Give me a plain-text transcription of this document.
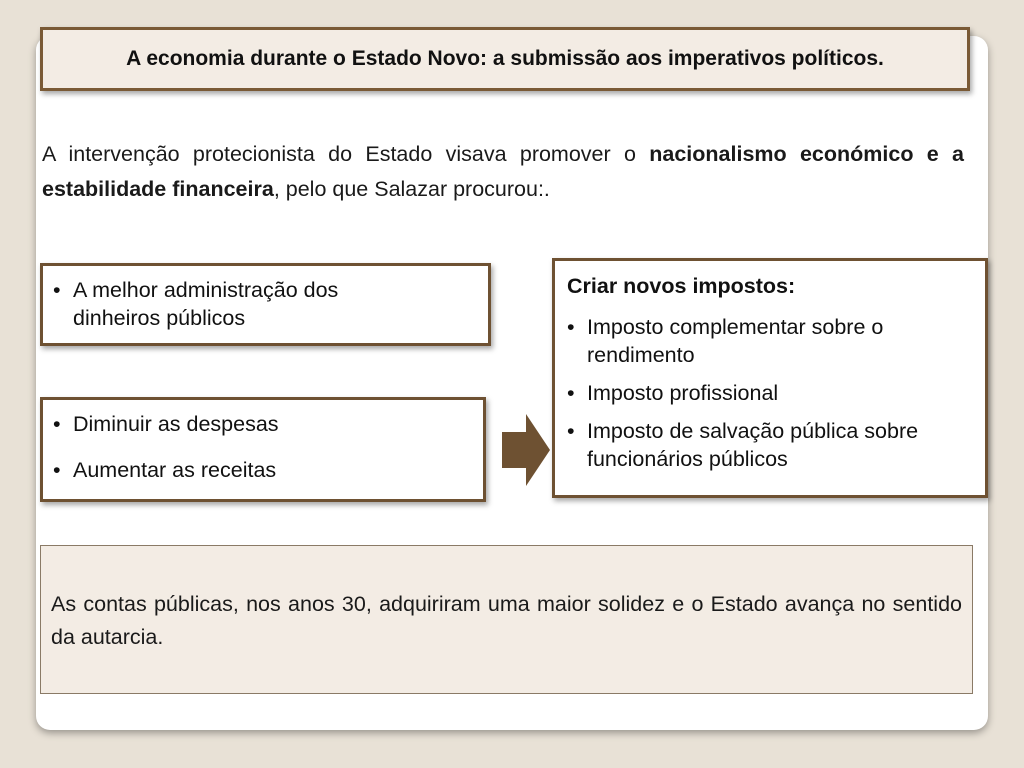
A economia durante o Estado Novo: a submissão aos imperativos políticos.
A intervenção protecionista do Estado visava promover o nacionalismo económico e a estabilidade financeira, pelo que Salazar procurou:.
• A melhor administração dos dinheiros públicos
• Diminuir as despesas
• Aumentar as receitas
Criar novos impostos:
• Imposto complementar sobre o rendimento
• Imposto profissional
• Imposto de salvação pública sobre funcionários públicos
As contas públicas, nos anos 30, adquiriram uma maior solidez e o Estado avança no sentido da autarcia.
